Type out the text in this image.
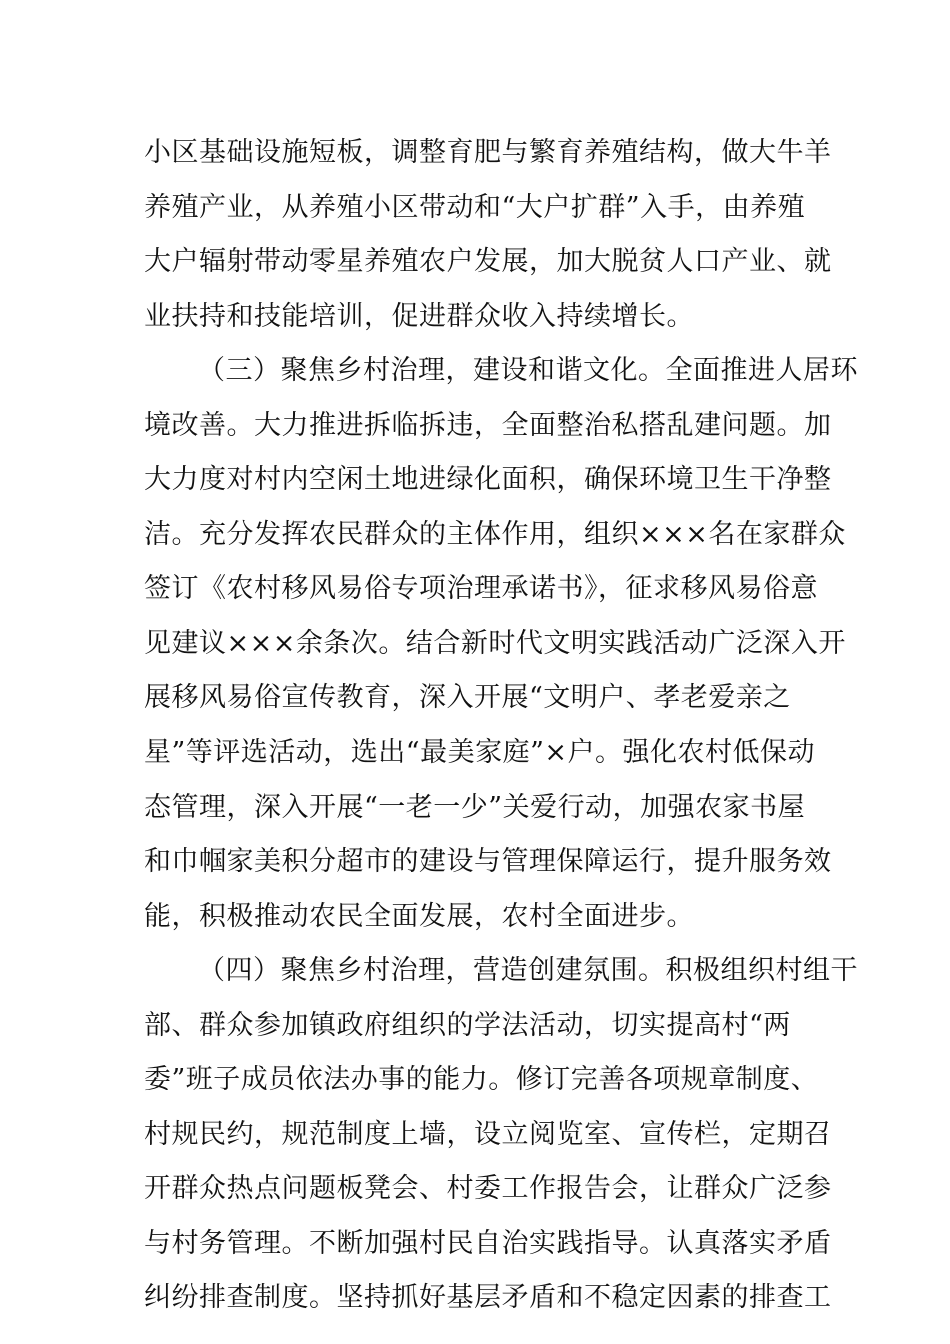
小区基础设施短板，调整育肥与繁育养殖结构，做大牛羊
养殖产业，从养殖小区带动和“大户扩群”入手，由养殖
大户辐射带动零星养殖农户发展，加大脱贫人口产业、就
业扶持和技能培训，促进群众收入持续增长。
（三）聚焦乡村治理，建设和谐文化。全面推进人居环
境改善。大力推进拆临拆违，全面整治私搭乱建问题。加
大力度对村内空闲土地进绿化面积，确保环境卫生干净整
洁。充分发挥农民群众的主体作用，组织×××名在家群众
签订《农村移风易俗专项治理承诺书》，征求移风易俗意
见建议×××余条次。结合新时代文明实践活动广泛深入开
展移风易俗宣传教育，深入开展“文明户、孝老爱亲之
星”等评选活动，选出“最美家庭”×户。强化农村低保动
态管理，深入开展“一老一少”关爱行动，加强农家书屋
和巾帼家美积分超市的建设与管理保障运行，提升服务效
能，积极推动农民全面发展，农村全面进步。
（四）聚焦乡村治理，营造创建氛围。积极组织村组干
部、群众参加镇政府组织的学法活动，切实提高村“两
委”班子成员依法办事的能力。修订完善各项规章制度、
村规民约，规范制度上墙，设立阅览室、宣传栏，定期召
开群众热点问题板凳会、村委工作报告会，让群众广泛参
与村务管理。不断加强村民自治实践指导。认真落实矛盾
纠纷排查制度。坚持抓好基层矛盾和不稳定因素的排查工
